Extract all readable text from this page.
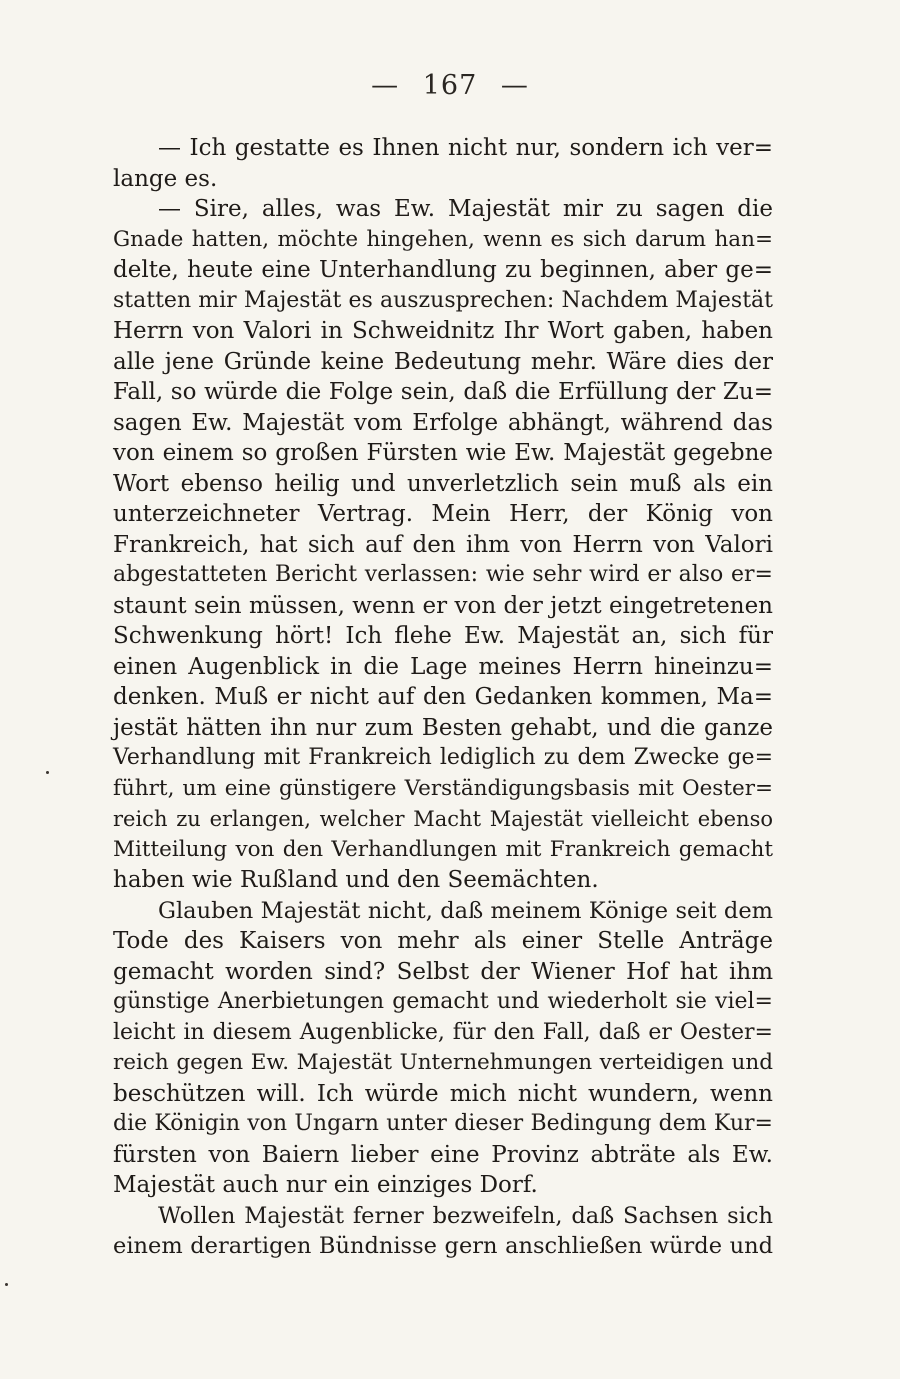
— 167 —
— Ich gestatte es Ihnen nicht nur, sondern ich ver=
lange es.
— Sire, alles, was Ew. Majestät mir zu sagen die
Gnade hatten, möchte hingehen, wenn es sich darum han=
delte, heute eine Unterhandlung zu beginnen, aber ge=
statten mir Majestät es auszusprechen: Nachdem Majestät
Herrn von Valori in Schweidnitz Ihr Wort gaben, haben
alle jene Gründe keine Bedeutung mehr. Wäre dies der
Fall, so würde die Folge sein, daß die Erfüllung der Zu=
sagen Ew. Majestät vom Erfolge abhängt, während das
von einem so großen Fürsten wie Ew. Majestät gegebne
Wort ebenso heilig und unverletzlich sein muß als ein
unterzeichneter Vertrag. Mein Herr, der König von
Frankreich, hat sich auf den ihm von Herrn von Valori
abgestatteten Bericht verlassen: wie sehr wird er also er=
staunt sein müssen, wenn er von der jetzt eingetretenen
Schwenkung hört! Ich flehe Ew. Majestät an, sich für
einen Augenblick in die Lage meines Herrn hineinzu=
denken. Muß er nicht auf den Gedanken kommen, Ma=
jestät hätten ihn nur zum Besten gehabt, und die ganze
Verhandlung mit Frankreich lediglich zu dem Zwecke ge=
führt, um eine günstigere Verständigungsbasis mit Oester=
reich zu erlangen, welcher Macht Majestät vielleicht ebenso
Mitteilung von den Verhandlungen mit Frankreich gemacht
haben wie Rußland und den Seemächten.
Glauben Majestät nicht, daß meinem Könige seit dem
Tode des Kaisers von mehr als einer Stelle Anträge
gemacht worden sind? Selbst der Wiener Hof hat ihm
günstige Anerbietungen gemacht und wiederholt sie viel=
leicht in diesem Augenblicke, für den Fall, daß er Oester=
reich gegen Ew. Majestät Unternehmungen verteidigen und
beschützen will. Ich würde mich nicht wundern, wenn
die Königin von Ungarn unter dieser Bedingung dem Kur=
fürsten von Baiern lieber eine Provinz abträte als Ew.
Majestät auch nur ein einziges Dorf.
Wollen Majestät ferner bezweifeln, daß Sachsen sich
einem derartigen Bündnisse gern anschließen würde und
